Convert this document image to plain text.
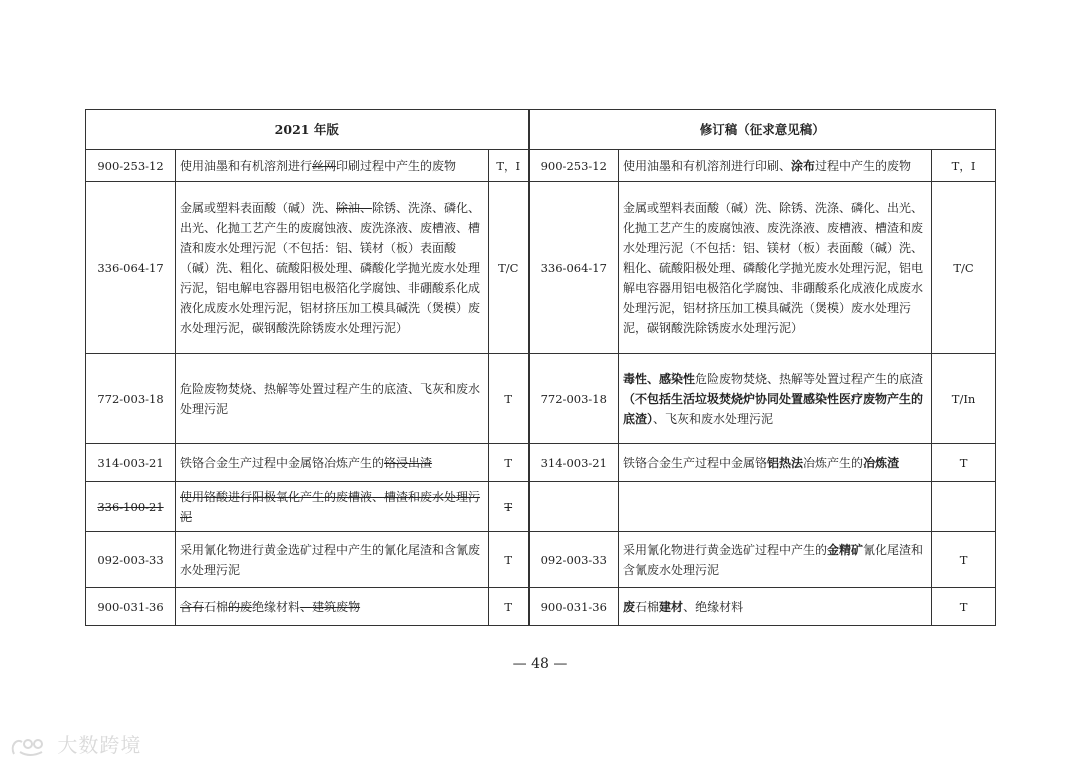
2021 年版			修订稿（征求意见稿）		
900-253-12	使用油墨和有机溶剂进行丝网印刷过程中产生的废物	T，I	900-253-12	使用油墨和有机溶剂进行印刷、涂布过程中产生的废物	T，I
336-064-17	金属或塑料表面酸（碱）洗、除油、除锈、洗涤、磷化、出光、化抛工艺产生的废腐蚀液、废洗涤液、废槽液、槽渣和废水处理污泥（不包括：铝、镁材（板）表面酸（碱）洗、粗化、硫酸阳极处理、磷酸化学抛光废水处理污泥，铝电解电容器用铝电极箔化学腐蚀、非硼酸系化成液化成废水处理污泥，铝材挤压加工模具碱洗（煲模）废水处理污泥，碳钢酸洗除锈废水处理污泥）	T/C	336-064-17	金属或塑料表面酸（碱）洗、除锈、洗涤、磷化、出光、化抛工艺产生的废腐蚀液、废洗涤液、废槽液、槽渣和废水处理污泥（不包括：铝、镁材（板）表面酸（碱）洗、粗化、硫酸阳极处理、磷酸化学抛光废水处理污泥，铝电解电容器用铝电极箔化学腐蚀、非硼酸系化成液化成废水处理污泥，铝材挤压加工模具碱洗（煲模）废水处理污泥，碳钢酸洗除锈废水处理污泥）	T/C
772-003-18	危险废物焚烧、热解等处置过程产生的底渣、飞灰和废水处理污泥	T	772-003-18	毒性、感染性危险废物焚烧、热解等处置过程产生的底渣（不包括生活垃圾焚烧炉协同处置感染性医疗废物产生的底渣）、飞灰和废水处理污泥	T/In
314-003-21	铁铬合金生产过程中金属铬冶炼产生的铬浸出渣	T	314-003-21	铁铬合金生产过程中金属铬铝热法冶炼产生的冶炼渣	T
336-100-21	使用铬酸进行阳极氧化产生的废槽液、槽渣和废水处理污泥	T			
092-003-33	采用氰化物进行黄金选矿过程中产生的氰化尾渣和含氰废水处理污泥	T	092-003-33	采用氰化物进行黄金选矿过程中产生的金精矿氰化尾渣和含氰废水处理污泥	T
900-031-36	含有石棉的废绝缘材料、建筑废物	T	900-031-36	废石棉建材、绝缘材料	T
— 48 —
大数跨境
